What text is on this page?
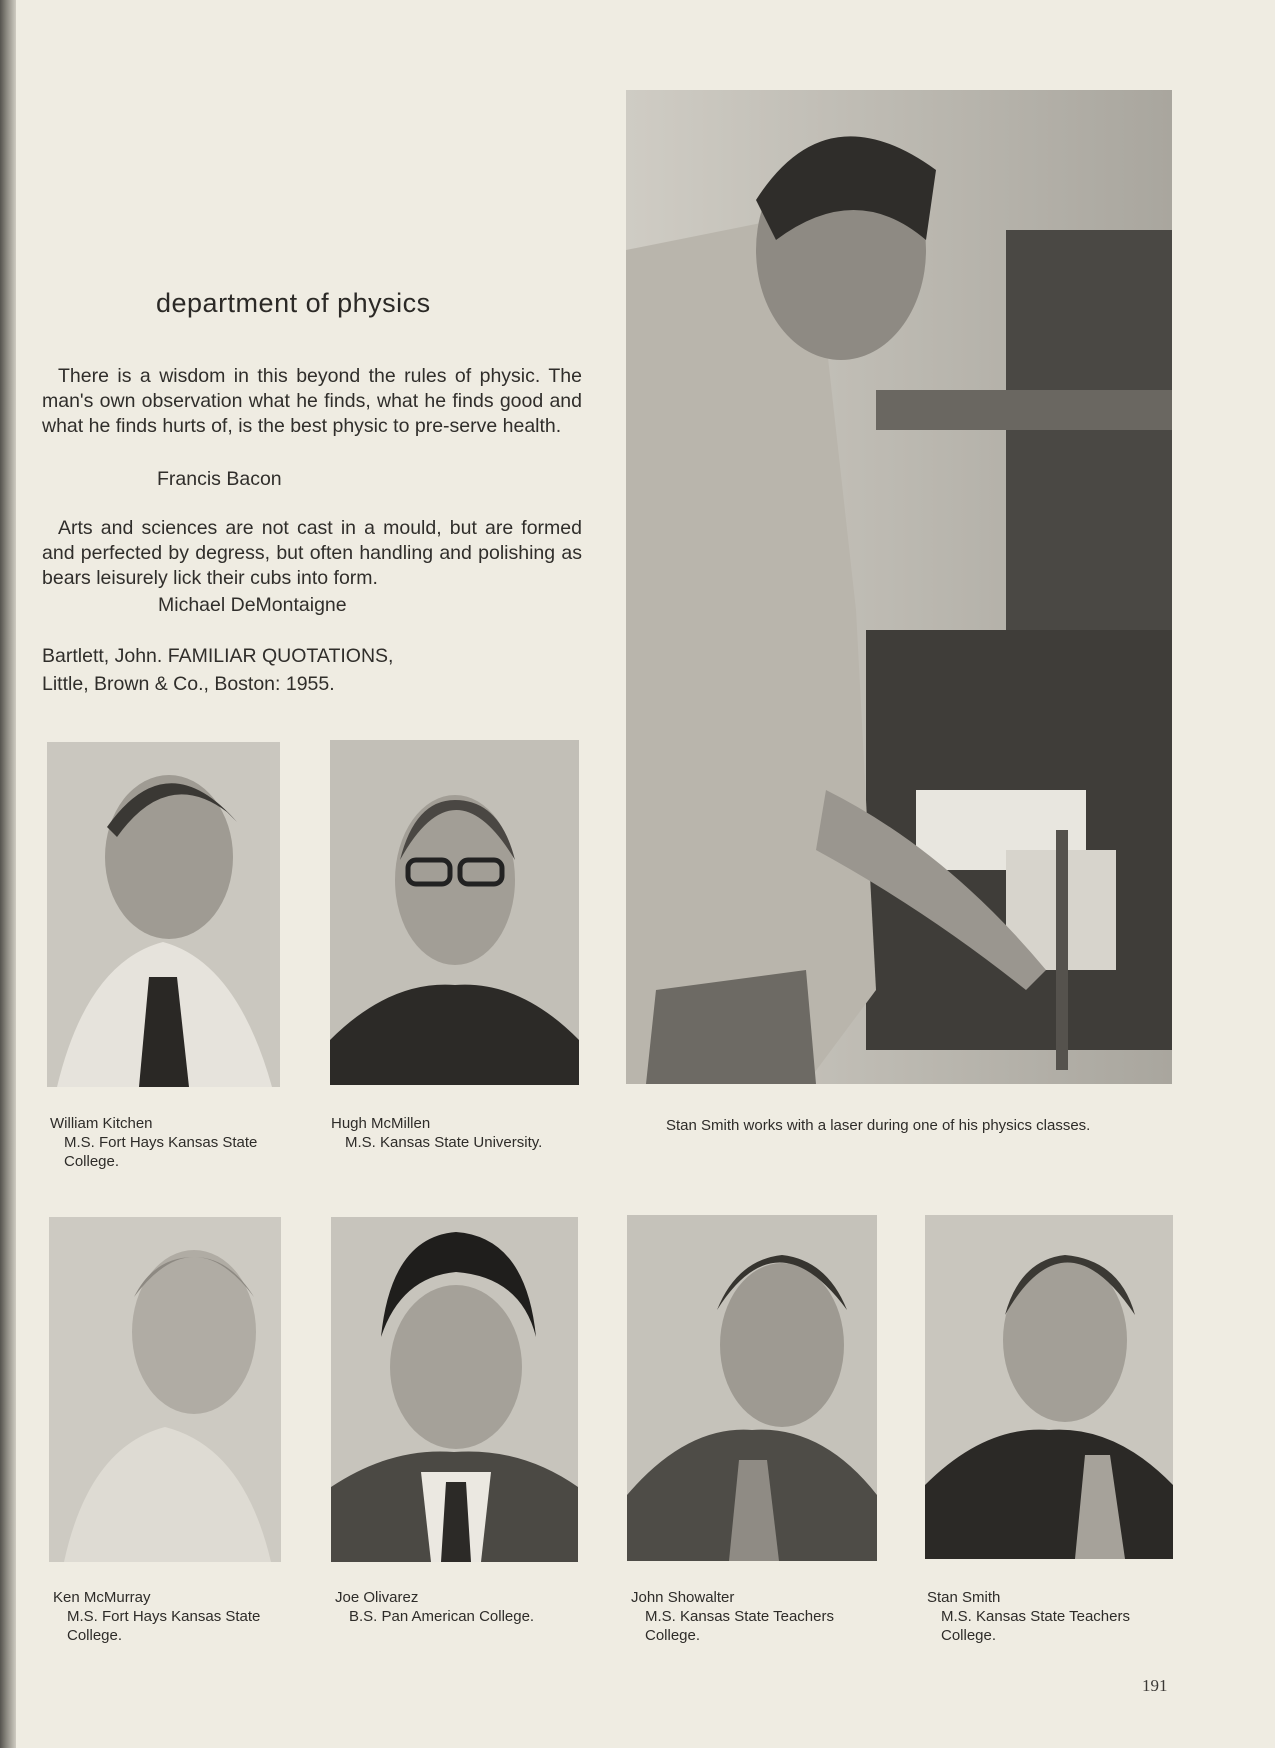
department of physics

There is a wisdom in this beyond the rules of physic. The man's own observation what he finds, what he finds good and what he finds hurts of, is the best physic to pre-serve health.

Francis Bacon

Arts and sciences are not cast in a mould, but are formed and perfected by degress, but often handling and polishing as bears leisurely lick their cubs into form.

Michael DeMontaigne
Bartlett, John. FAMILIAR QUOTATIONS,
Little, Brown & Co., Boston: 1955.
Stan Smith works with a laser during one of his physics classes.
William Kitchen
M.S. Fort Hays Kansas State
College.
Hugh McMillen
M.S. Kansas State University.
Ken McMurray
M.S. Fort Hays Kansas State
College.
Joe Olivarez
B.S. Pan American College.
John Showalter
M.S. Kansas State Teachers
College.
Stan Smith
M.S. Kansas State Teachers
College.
191
